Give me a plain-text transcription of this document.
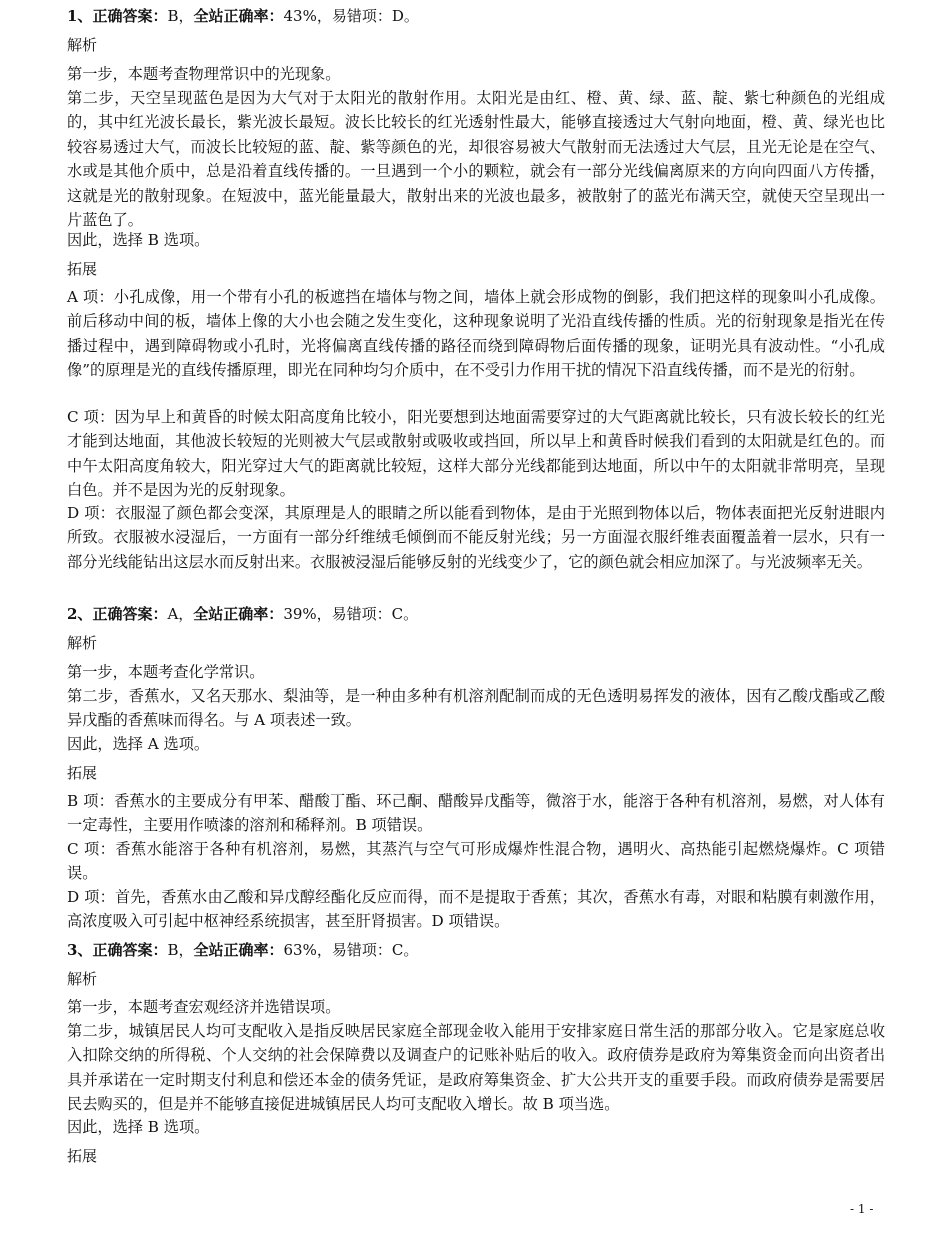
1、正确答案：B，全站正确率：43%，易错项：D。
解析
第一步，本题考查物理常识中的光现象。
第二步，天空呈现蓝色是因为大气对于太阳光的散射作用。太阳光是由红、橙、黄、绿、蓝、靛、紫七种颜色的光组成的，其中红光波长最长，紫光波长最短。波长比较长的红光透射性最大，能够直接透过大气射向地面，橙、黄、绿光也比较容易透过大气，而波长比较短的蓝、靛、紫等颜色的光，却很容易被大气散射而无法透过大气层，且光无论是在空气、水或是其他介质中，总是沿着直线传播的。一旦遇到一个小的颗粒，就会有一部分光线偏离原来的方向向四面八方传播，这就是光的散射现象。在短波中，蓝光能量最大，散射出来的光波也最多，被散射了的蓝光布满天空，就使天空呈现出一片蓝色了。
因此，选择 B 选项。
拓展
A 项：小孔成像，用一个带有小孔的板遮挡在墙体与物之间，墙体上就会形成物的倒影，我们把这样的现象叫小孔成像。前后移动中间的板，墙体上像的大小也会随之发生变化，这种现象说明了光沿直线传播的性质。光的衍射现象是指光在传播过程中，遇到障碍物或小孔时，光将偏离直线传播的路径而绕到障碍物后面传播的现象，证明光具有波动性。“小孔成像”的原理是光的直线传播原理，即光在同种均匀介质中，在不受引力作用干扰的情况下沿直线传播，而不是光的衍射。
C 项：因为早上和黄昏的时候太阳高度角比较小，阳光要想到达地面需要穿过的大气距离就比较长，只有波长较长的红光才能到达地面，其他波长较短的光则被大气层或散射或吸收或挡回，所以早上和黄昏时候我们看到的太阳就是红色的。而中午太阳高度角较大，阳光穿过大气的距离就比较短，这样大部分光线都能到达地面，所以中午的太阳就非常明亮，呈现白色。并不是因为光的反射现象。
D 项：衣服湿了颜色都会变深，其原理是人的眼睛之所以能看到物体，是由于光照到物体以后，物体表面把光反射进眼内所致。衣服被水浸湿后，一方面有一部分纤维绒毛倾倒而不能反射光线；另一方面湿衣服纤维表面覆盖着一层水，只有一部分光线能钻出这层水而反射出来。衣服被浸湿后能够反射的光线变少了，它的颜色就会相应加深了。与光波频率无关。
2、正确答案：A，全站正确率：39%，易错项：C。
解析
第一步，本题考查化学常识。
第二步，香蕉水，又名天那水、梨油等，是一种由多种有机溶剂配制而成的无色透明易挥发的液体，因有乙酸戊酯或乙酸异戊酯的香蕉味而得名。与 A 项表述一致。
因此，选择 A 选项。
拓展
B 项：香蕉水的主要成分有甲苯、醋酸丁酯、环己酮、醋酸异戊酯等，微溶于水，能溶于各种有机溶剂，易燃，对人体有一定毒性，主要用作喷漆的溶剂和稀释剂。B 项错误。
C 项：香蕉水能溶于各种有机溶剂，易燃，其蒸汽与空气可形成爆炸性混合物，遇明火、高热能引起燃烧爆炸。C 项错误。
D 项：首先，香蕉水由乙酸和异戊醇经酯化反应而得，而不是提取于香蕉；其次，香蕉水有毒，对眼和粘膜有刺激作用，高浓度吸入可引起中枢神经系统损害，甚至肝肾损害。D 项错误。
3、正确答案：B，全站正确率：63%，易错项：C。
解析
第一步，本题考查宏观经济并选错误项。
第二步，城镇居民人均可支配收入是指反映居民家庭全部现金收入能用于安排家庭日常生活的那部分收入。它是家庭总收入扣除交纳的所得税、个人交纳的社会保障费以及调查户的记账补贴后的收入。政府债券是政府为筹集资金而向出资者出具并承诺在一定时期支付利息和偿还本金的债务凭证，是政府筹集资金、扩大公共开支的重要手段。而政府债券是需要居民去购买的，但是并不能够直接促进城镇居民人均可支配收入增长。故 B 项当选。
因此，选择 B 选项。
拓展
- 1 -
